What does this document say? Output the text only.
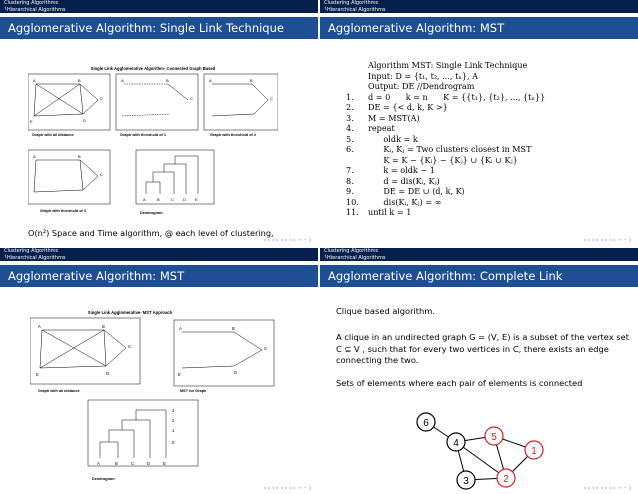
Clustering Algorithms
└Hierarchical Algorithms
Agglomerative Algorithm: Single Link Technique
Single Link Agglomerative Algorithm- Connected Graph Based
A	B
C
E	D
A	B
C
A	B
C
A	B
C
A	B	C D E
Graph with all distance	Graph with threshold of 1	Graph with threshold of 2
Graph with threshold of 3	Dendrogram
O(n²) Space and Time algorithm, @ each level of clustering,
◂ ▸ ◂ ▸ ◂ ▸ ◂ ▸ ≡ ∽ 𝄞
Clustering Algorithms
└Hierarchical Algorithms
Agglomerative Algorithm: MST
Algorithm MST: Single Link Technique
Input: D = {t₁, t₂, ..., tₙ}, A
Output: DE //Dendrogram
1. d = 0      k = n      K = {{t₁}, {t₂}, ..., {tₙ}}
2. DE = {< d, k, K >}
3. M = MST(A)
4. repeat
5.      oldk = k
6.      Kᵢ, Kⱼ = Two clusters closest in MST
K = K − {Kᵢ} − {Kⱼ} ∪ {Kᵢ ∪ Kⱼ}
7.      k = oldk − 1
8.      d = dis(Kᵢ, Kⱼ)
9.      DE = DE ∪ ⟨d, k, K⟩
10.      dis(Kᵢ, Kⱼ) = ∞
11. until k = 1
◂ ▸ ◂ ▸ ◂ ▸ ◂ ▸ ≡ ∽ 𝄞
Clustering Algorithms
└Hierarchical Algorithms
Agglomerative Algorithm: MST
Single Link Agglomerative- MST Approach
A	B
C
E	D
A	B
C
E	D
A	B	C	D	E
3
2
1
0
Graph with all distance	MST for Graph
Dendrogram
◂ ▸ ◂ ▸ ◂ ▸ ◂ ▸ ≡ ∽ 𝄞
Clustering Algorithms
└Hierarchical Algorithms
Agglomerative Algorithm: Complete Link
Clique based algorithm.
A clique in an undirected graph G = (V, E) is a subset of the vertex set C ⊆ V , such that for every two vertices in C, there exists an edge connecting the two.
Sets of elements where each pair of elements is connected
6
4
5
1
3	2
◂ ▸ ◂ ▸ ◂ ▸ ◂ ▸ ≡ ∽ 𝄞
